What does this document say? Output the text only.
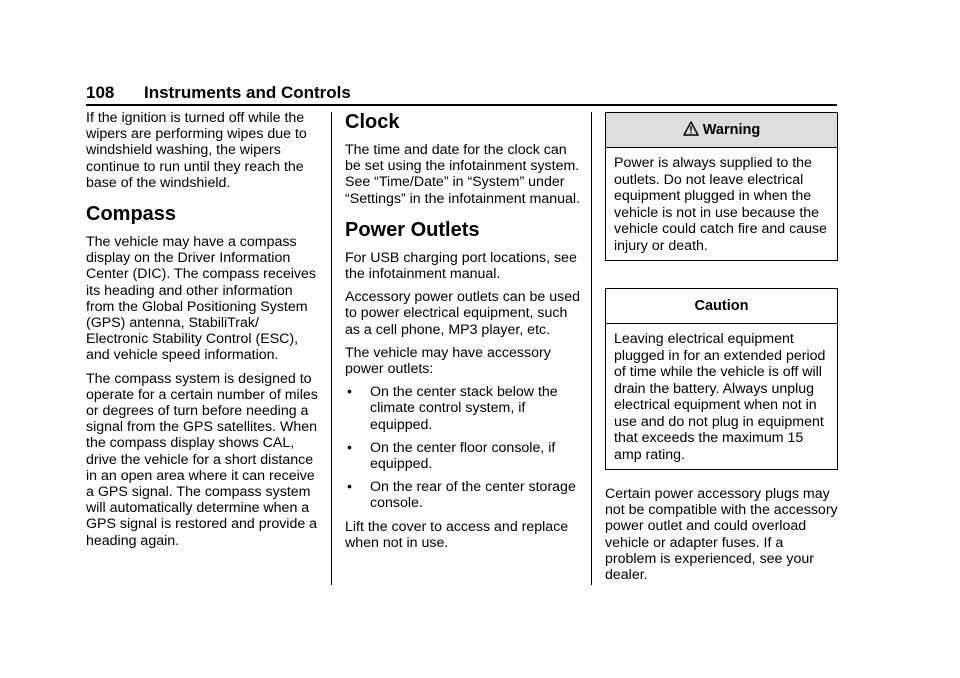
108 Instruments and Controls

If the ignition is turned off while the wipers are performing wipes due to windshield washing, the wipers continue to run until they reach the base of the windshield.

Compass

The vehicle may have a compass display on the Driver Information Center (DIC). The compass receives its heading and other information from the Global Positioning System (GPS) antenna, StabiliTrak/ Electronic Stability Control (ESC), and vehicle speed information.

The compass system is designed to operate for a certain number of miles or degrees of turn before needing a signal from the GPS satellites. When the compass display shows CAL, drive the vehicle for a short distance in an open area where it can receive a GPS signal. The compass system will automatically determine when a GPS signal is restored and provide a heading again.

Clock

The time and date for the clock can be set using the infotainment system. See “Time/Date” in “System” under “Settings” in the infotainment manual.

Power Outlets

For USB charging port locations, see the infotainment manual.

Accessory power outlets can be used to power electrical equipment, such as a cell phone, MP3 player, etc.

The vehicle may have accessory power outlets:

•	On the center stack below the climate control system, if equipped.
•	On the center floor console, if equipped.
•	On the rear of the center storage console.

Lift the cover to access and replace when not in use.

Warning
Power is always supplied to the outlets. Do not leave electrical equipment plugged in when the vehicle is not in use because the vehicle could catch fire and cause injury or death.
Caution
Leaving electrical equipment plugged in for an extended period of time while the vehicle is off will drain the battery. Always unplug electrical equipment when not in use and do not plug in equipment that exceeds the maximum 15 amp rating.

Certain power accessory plugs may not be compatible with the accessory power outlet and could overload vehicle or adapter fuses. If a problem is experienced, see your dealer.
